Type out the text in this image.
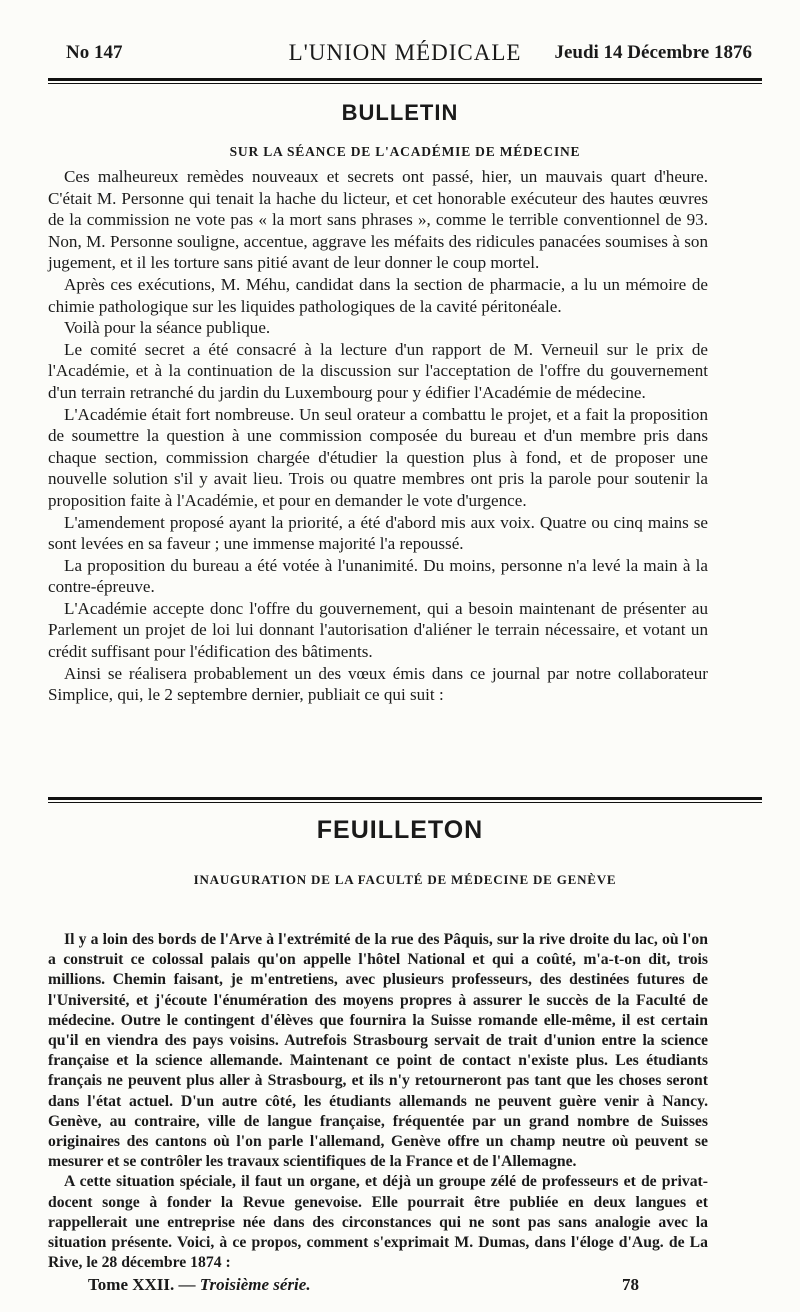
No 147	L'UNION MÉDICALE	Jeudi 14 Décembre 1876
BULLETIN
SUR LA SÉANCE DE L'ACADÉMIE DE MÉDECINE

Ces malheureux remèdes nouveaux et secrets ont passé, hier, un mauvais quart d'heure. C'était M. Personne qui tenait la hache du licteur, et cet honorable exécuteur des hautes œuvres de la commission ne vote pas « la mort sans phrases », comme le terrible conventionnel de 93. Non, M. Personne souligne, accentue, aggrave les méfaits des ridicules panacées soumises à son jugement, et il les torture sans pitié avant de leur donner le coup mortel.

Après ces exécutions, M. Méhu, candidat dans la section de pharmacie, a lu un mémoire de chimie pathologique sur les liquides pathologiques de la cavité péritonéale.

Voilà pour la séance publique.

Le comité secret a été consacré à la lecture d'un rapport de M. Verneuil sur le prix de l'Académie, et à la continuation de la discussion sur l'acceptation de l'offre du gouvernement d'un terrain retranché du jardin du Luxembourg pour y édifier l'Académie de médecine.

L'Académie était fort nombreuse. Un seul orateur a combattu le projet, et a fait la proposition de soumettre la question à une commission composée du bureau et d'un membre pris dans chaque section, commission chargée d'étudier la question plus à fond, et de proposer une nouvelle solution s'il y avait lieu. Trois ou quatre membres ont pris la parole pour soutenir la proposition faite à l'Académie, et pour en demander le vote d'urgence.

L'amendement proposé ayant la priorité, a été d'abord mis aux voix. Quatre ou cinq mains se sont levées en sa faveur ; une immense majorité l'a repoussé.

La proposition du bureau a été votée à l'unanimité. Du moins, personne n'a levé la main à la contre-épreuve.

L'Académie accepte donc l'offre du gouvernement, qui a besoin maintenant de présenter au Parlement un projet de loi lui donnant l'autorisation d'aliéner le terrain nécessaire, et votant un crédit suffisant pour l'édification des bâtiments.

Ainsi se réalisera probablement un des vœux émis dans ce journal par notre collaborateur Simplice, qui, le 2 septembre dernier, publiait ce qui suit :

FEUILLETON
INAUGURATION DE LA FACULTÉ DE MÉDECINE DE GENÈVE

Il y a loin des bords de l'Arve à l'extrémité de la rue des Pâquis, sur la rive droite du lac, où l'on a construit ce colossal palais qu'on appelle l'hôtel National et qui a coûté, m'a-t-on dit, trois millions. Chemin faisant, je m'entretiens, avec plusieurs professeurs, des destinées futures de l'Université, et j'écoute l'énumération des moyens propres à assurer le succès de la Faculté de médecine. Outre le contingent d'élèves que fournira la Suisse romande elle-même, il est certain qu'il en viendra des pays voisins. Autrefois Strasbourg servait de trait d'union entre la science française et la science allemande. Maintenant ce point de contact n'existe plus. Les étudiants français ne peuvent plus aller à Strasbourg, et ils n'y retourneront pas tant que les choses seront dans l'état actuel. D'un autre côté, les étudiants allemands ne peuvent guère venir à Nancy. Genève, au contraire, ville de langue française, fréquentée par un grand nombre de Suisses originaires des cantons où l'on parle l'allemand, Genève offre un champ neutre où peuvent se mesurer et se contrôler les travaux scientifiques de la France et de l'Allemagne.

A cette situation spéciale, il faut un organe, et déjà un groupe zélé de professeurs et de privat-docent songe à fonder la Revue genevoise. Elle pourrait être publiée en deux langues et rappellerait une entreprise née dans des circonstances qui ne sont pas sans analogie avec la situation présente. Voici, à ce propos, comment s'exprimait M. Dumas, dans l'éloge d'Aug. de La Rive, le 28 décembre 1874 :

Tome XXII. — Troisième série.	78
